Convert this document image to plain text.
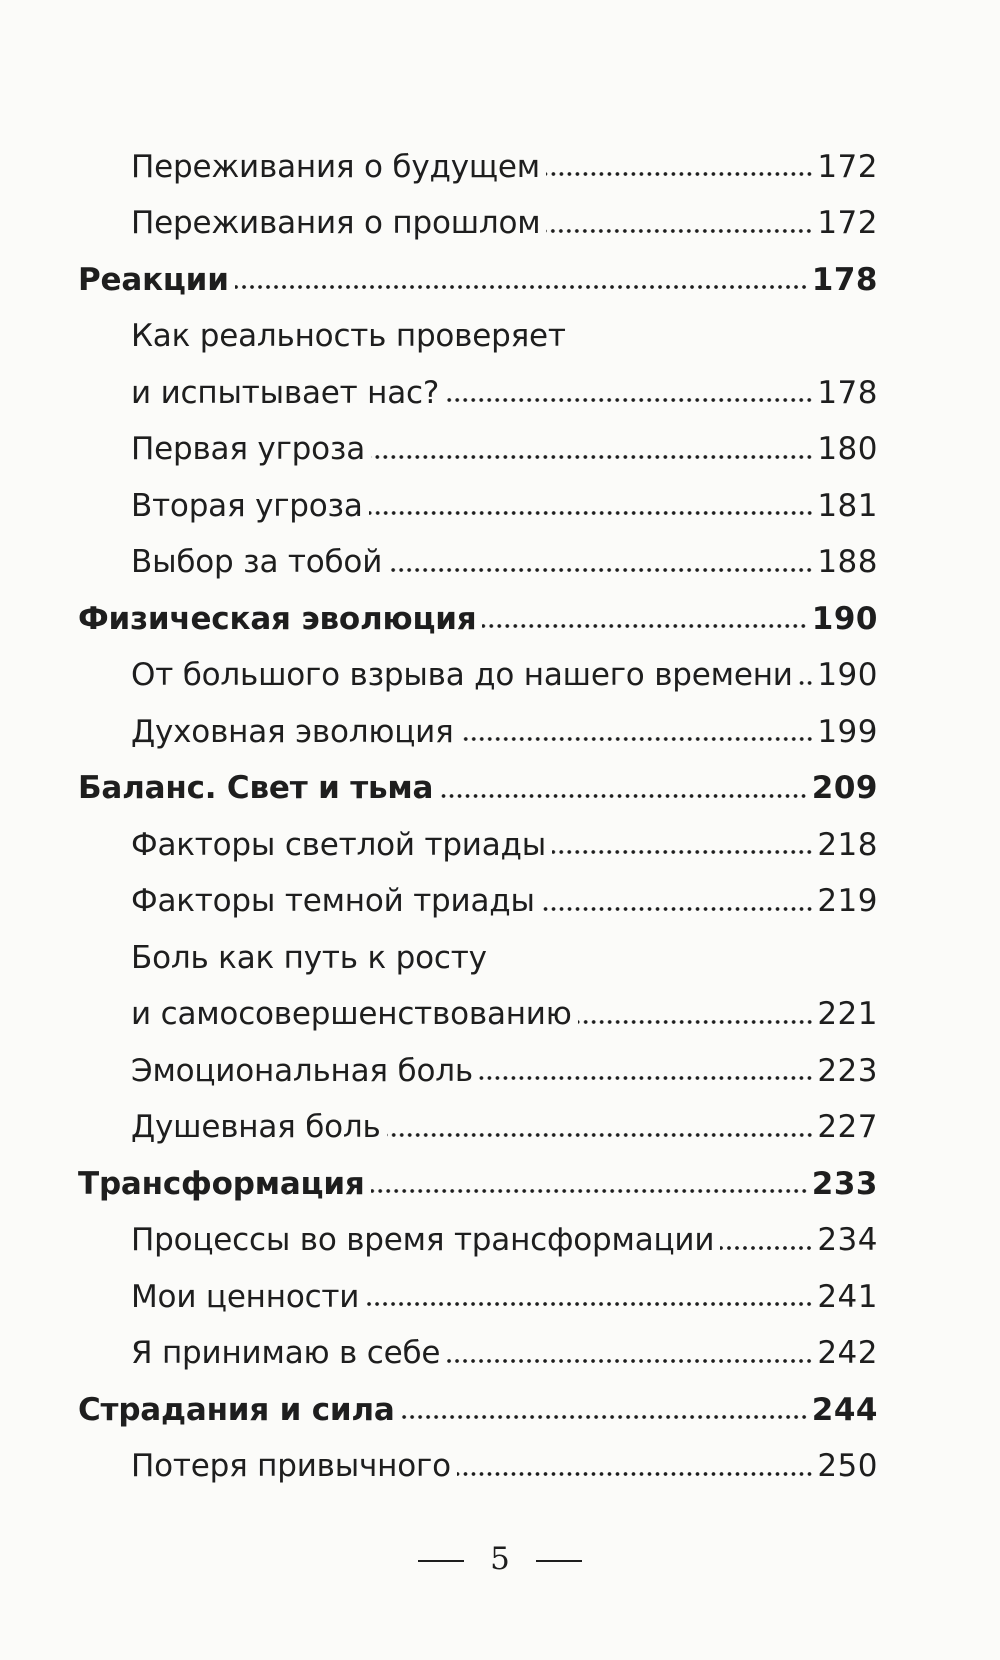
Переживания о будущем	172
Переживания о прошлом	172
Реакции	178
Как реальность проверяет
и испытывает нас?	178
Первая угроза	180
Вторая угроза	181
Выбор за тобой	188
Физическая эволюция	190
От большого взрыва до нашего времени 190
Духовная эволюция	199
Баланс. Свет и тьма	209
Факторы светлой триады	218
Факторы темной триады	219
Боль как путь к росту
и самосовершенствованию	221
Эмоциональная боль	223
Душевная боль	227
Трансформация	233
Процессы во время трансформации	234
Мои ценности	241
Я принимаю в себе	242
Страдания и сила	244
Потеря привычного	250
5
